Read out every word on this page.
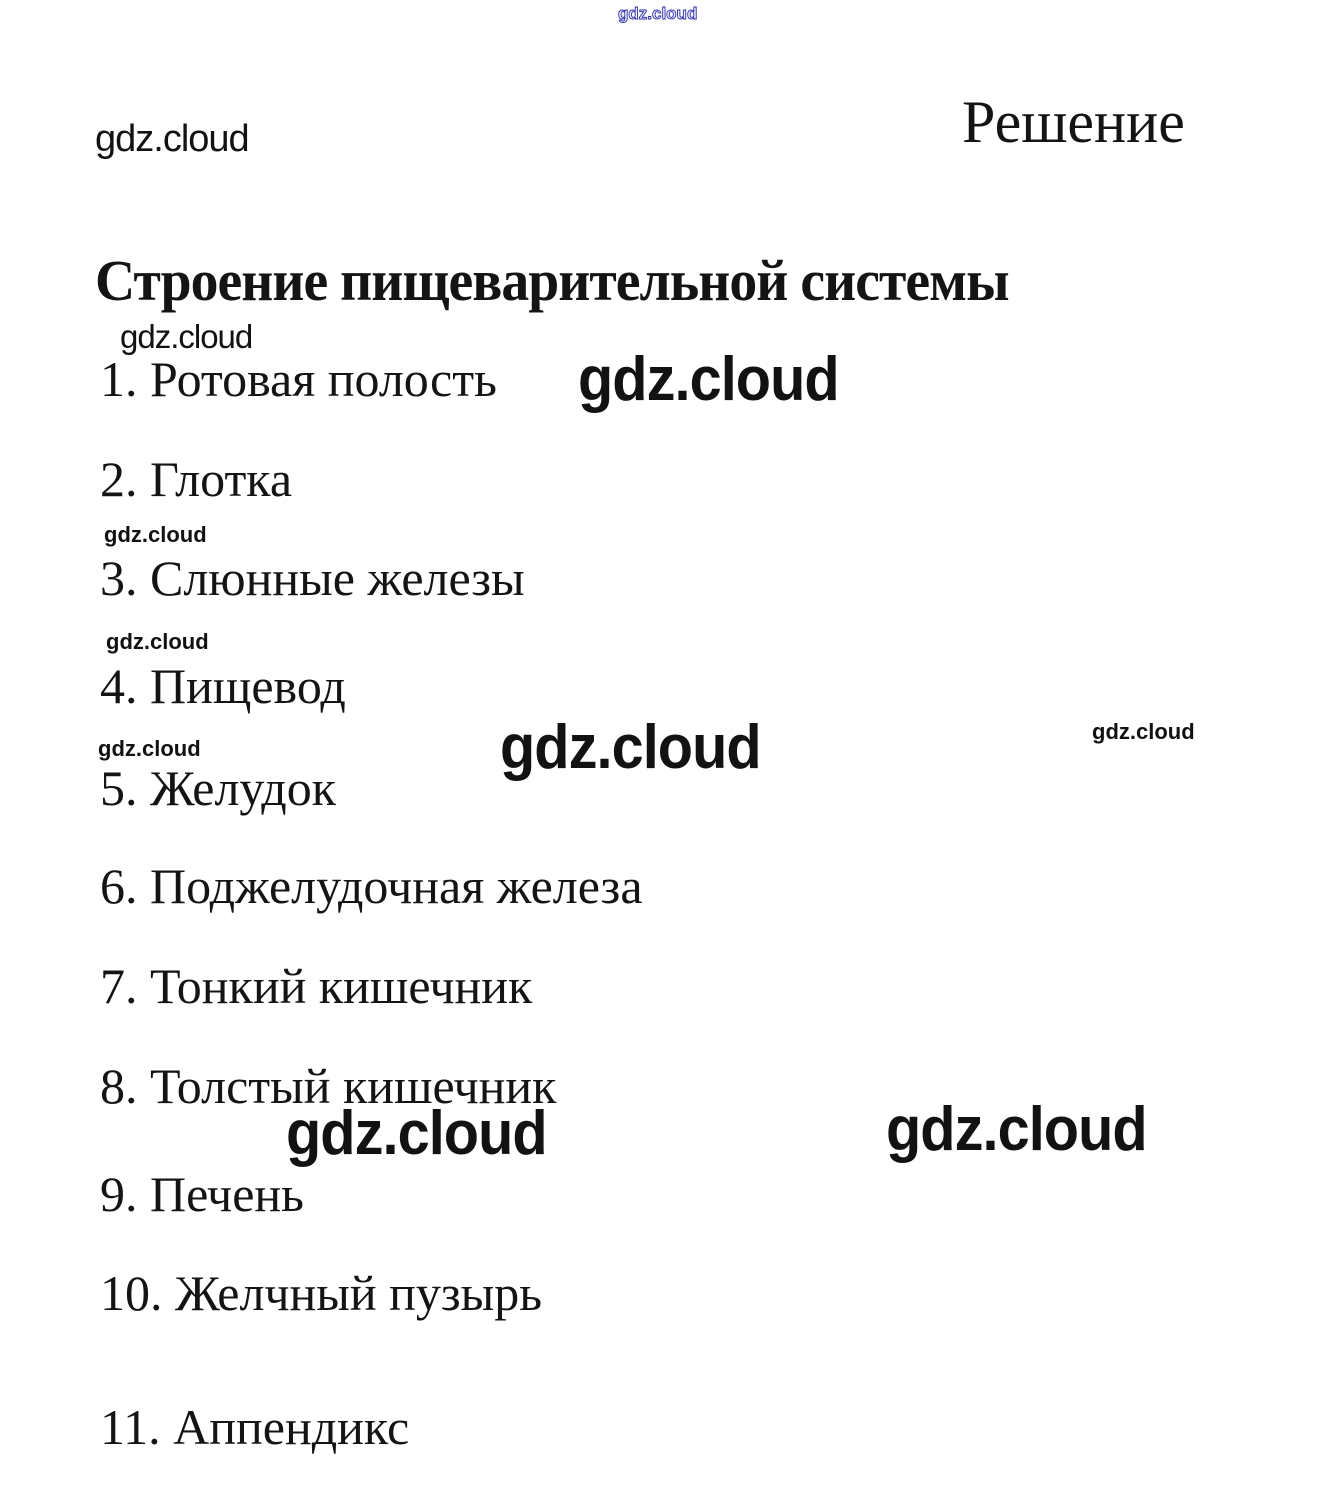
gdz.cloud
gdz.cloud	Решение
Строение пищеварительной системы
gdz.cloud
1. Ротовая полость
2. Глотка
3. Слюнные железы
4. Пищевод
5. Желудок
6. Поджелудочная железа
7. Тонкий кишечник
8. Толстый кишечник
9. Печень
10. Желчный пузырь
11. Аппендикс
gdz.cloud
gdz.cloud
gdz.cloud
gdz.cloud	gdz.cloud	gdz.cloud
gdz.cloud	gdz.cloud
